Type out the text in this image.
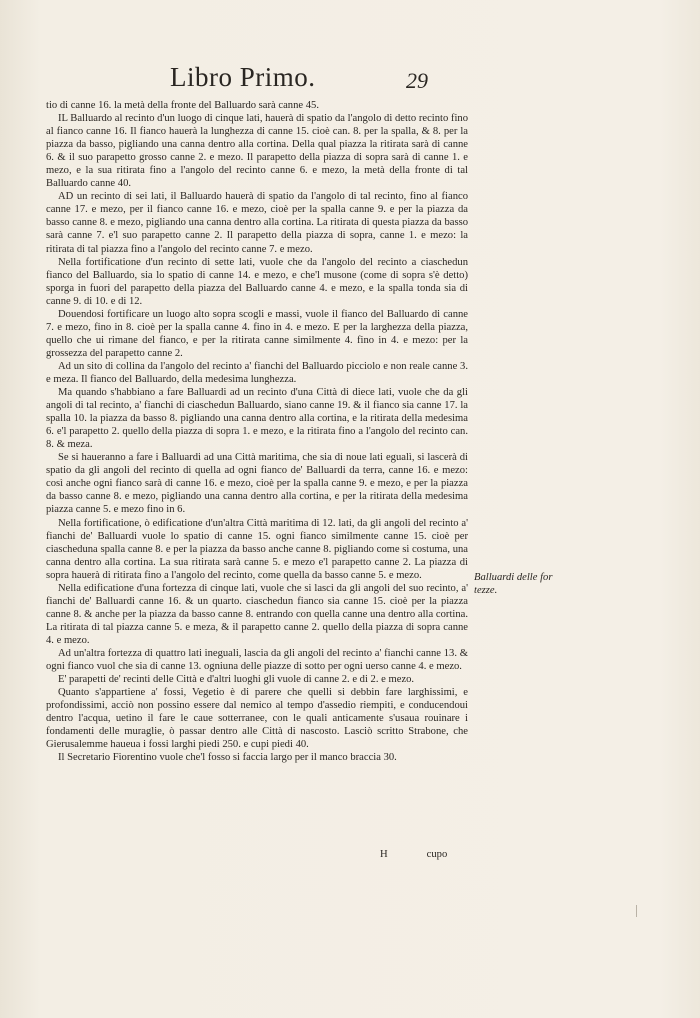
Libro Primo.	29

tio di canne 16. la metà della fronte del Balluardo sarà canne 45.

IL Balluardo al recinto d'un luogo di cinque lati, hauerà di spatio da l'angolo di detto recinto fino al fianco canne 16. Il fianco hauerà la lunghezza di canne 15. cioè can. 8. per la spalla, & 8. per la piazza da basso, pigliando una canna dentro alla cortina. Della qual piazza la ritirata sarà di canne 6. & il suo parapetto grosso canne 2. e mezo. Il parapetto della piazza di sopra sarà di canne 1. e mezo, e la sua ritirata fino a l'angolo del recinto canne 6. e mezo, la metà della fronte di tal Balluardo canne 40.

AD un recinto di sei lati, il Balluardo hauerà di spatio da l'angolo di tal recinto, fino al fianco canne 17. e mezo, per il fianco canne 16. e mezo, cioè per la spalla canne 9. e per la piazza da basso canne 8. e mezo, pigliando una canna dentro alla cortina. La ritirata di questa piazza da basso sarà canne 7. e'l suo parapetto canne 2. Il parapetto della piazza di sopra, canne 1. e mezo: la ritirata di tal piazza fino a l'angolo del recinto canne 7. e mezo.

Nella fortificatione d'un recinto di sette lati, vuole che da l'angolo del recinto a ciaschedun fianco del Balluardo, sia lo spatio di canne 14. e mezo, e che'l musone (come di sopra s'è detto) sporga in fuori del parapetto della piazza del Balluardo canne 4. e mezo, e la spalla tonda sia di canne 9. di 10. e di 12.

Douendosi fortificare un luogo alto sopra scogli e massi, vuole il fianco del Balluardo di canne 7. e mezo, fino in 8. cioè per la spalla canne 4. fino in 4. e mezo. E per la larghezza della piazza, quello che ui rimane del fianco, e per la ritirata canne similmente 4. fino in 4. e mezo: per la grossezza del parapetto canne 2.

Ad un sito di collina da l'angolo del recinto a' fianchi del Balluardo picciolo e non reale canne 3. e meza. Il fianco del Balluardo, della medesima lunghezza.

Ma quando s'habbiano a fare Balluardi ad un recinto d'una Città di diece lati, vuole che da gli angoli di tal recinto, a' fianchi di ciaschedun Balluardo, siano canne 19. & il fianco sia canne 17. la spalla 10. la piazza da basso 8. pigliando una canna dentro alla cortina, e la ritirata della medesima 6. e'l parapetto 2. quello della piazza di sopra 1. e mezo, e la ritirata fino a l'angolo del recinto can. 8. & meza.

Se si haueranno a fare i Balluardi ad una Città maritima, che sia di noue lati egualì, si lascerà di spatio da gli angoli del recinto di quella ad ogni fianco de' Balluardi da terra, canne 16. e mezo: così anche ogni fianco sarà di canne 16. e mezo, cioè per la spalla canne 9. e mezo, e per la piazza da basso canne 8. e mezo, pigliando una canna dentro alla cortina, e per la ritirata della medesima piazza canne 5. e mezo fino in 6.

Nella fortificatione, ò edificatione d'un'altra Città maritima di 12. lati, da gli angoli del recinto a' fianchi de' Balluardi vuole lo spatio di canne 15. ogni fianco similmente canne 15. cioè per ciascheduna spalla canne 8. e per la piazza da basso anche canne 8. pigliando come si costuma, una canna dentro alla cortina. La sua ritirata sarà canne 5. e mezo e'l parapetto canne 2. La piazza di sopra hauerà di ritirata fino a l'angolo del recinto, come quella da basso canne 5. e mezo.

Nella edificatione d'una fortezza di cinque lati, vuole che si lasci da gli angoli del suo recinto, a' fianchi de' Balluardi canne 16. & un quarto. ciaschedun fianco sia canne 15. cioè per la piazza canne 8. & anche per la piazza da basso canne 8. entrando con quella canne una dentro alla cortina. La ritirata di tal piazza canne 5. e meza, & il parapetto canne 2. quello della piazza di sopra canne 4. e mezo.

Ad un'altra fortezza di quattro lati ineguali, lascia da gli angoli del recinto a' fianchi canne 13. & ogni fianco vuol che sia di canne 13. ogniuna delle piazze di sotto per ogni uerso canne 4. e mezo.

E' parapetti de' recinti delle Città e d'altri luoghi gli vuole di canne 2. e di 2. e mezo.

Quanto s'appartiene a' fossi, Vegetio è di parere che quelli si debbin fare larghissimi, e profondissimi, acciò non possino essere dal nemico al tempo d'assedio riempiti, e conducendoui dentro l'acqua, uetino il fare le caue sotterranee, con le quali anticamente s'usaua rouinare i fondamenti delle muraglie, ò passar dentro alle Città di nascosto. Lasciò scritto Strabone, che Gierusalemme haueua i fossi larghi piedi 250. e cupi piedi 40.

Il Secretario Fiorentino vuole che'l fosso si faccia largo per il manco braccia 30.

Balluardi delle for tezze.
H	cupo
